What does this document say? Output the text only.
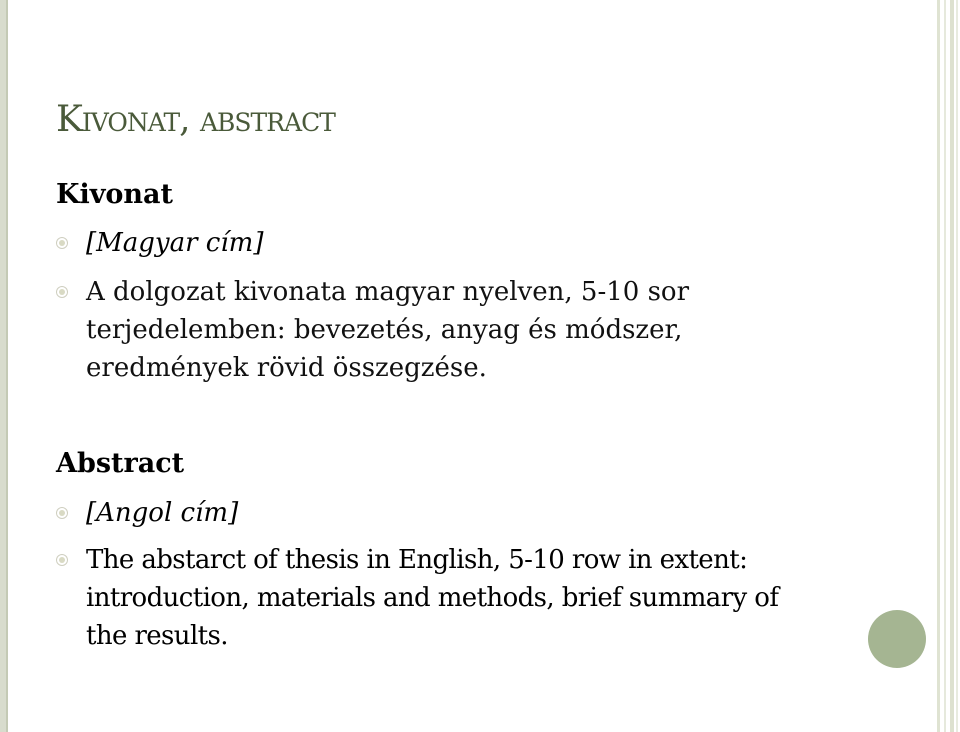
Kivonat, abstract
Kivonat
[Magyar cím]
A dolgozat kivonata magyar nyelven, 5-10 sor terjedelemben: bevezetés, anyag és módszer, eredmények rövid összegzése.
Abstract
[Angol cím]
The abstarct of thesis in English, 5-10 row in extent: introduction, materials and methods, brief summary of the results.
